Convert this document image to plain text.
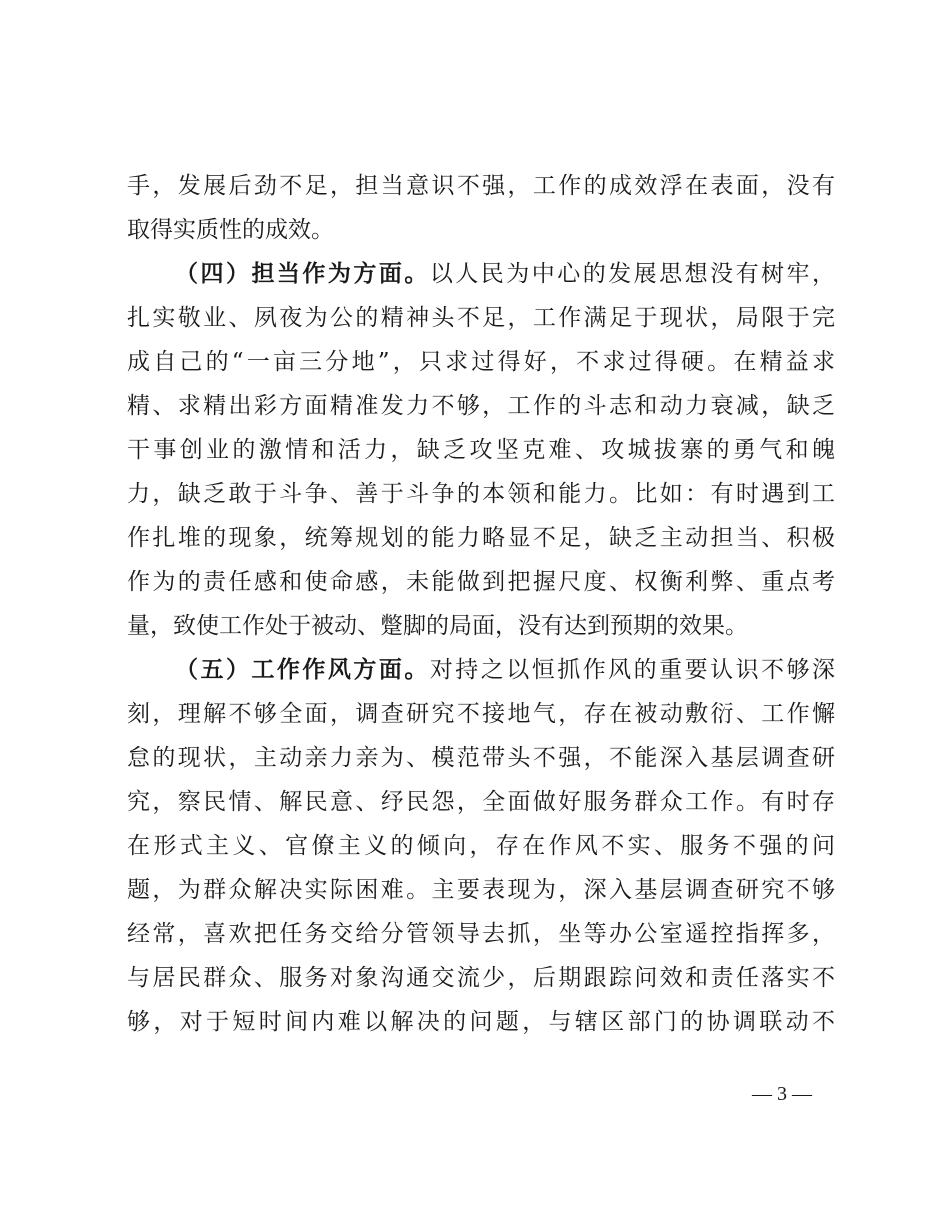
手，发展后劲不足，担当意识不强，工作的成效浮在表面，没有
取得实质性的成效。
（四）担当作为方面。以人民为中心的发展思想没有树牢，
扎实敬业、夙夜为公的精神头不足，工作满足于现状，局限于完
成自己的“一亩三分地”，只求过得好，不求过得硬。在精益求
精、求精出彩方面精准发力不够，工作的斗志和动力衰减，缺乏
干事创业的激情和活力，缺乏攻坚克难、攻城拔寨的勇气和魄
力，缺乏敢于斗争、善于斗争的本领和能力。比如：有时遇到工
作扎堆的现象，统筹规划的能力略显不足，缺乏主动担当、积极
作为的责任感和使命感，未能做到把握尺度、权衡利弊、重点考
量，致使工作处于被动、蹩脚的局面，没有达到预期的效果。
（五）工作作风方面。对持之以恒抓作风的重要认识不够深
刻，理解不够全面，调查研究不接地气，存在被动敷衍、工作懈
怠的现状，主动亲力亲为、模范带头不强，不能深入基层调查研
究，察民情、解民意、纾民怨，全面做好服务群众工作。有时存
在形式主义、官僚主义的倾向，存在作风不实、服务不强的问
题，为群众解决实际困难。主要表现为，深入基层调查研究不够
经常，喜欢把任务交给分管领导去抓，坐等办公室遥控指挥多，
与居民群众、服务对象沟通交流少，后期跟踪问效和责任落实不
够，对于短时间内难以解决的问题，与辖区部门的协调联动不
— 3 —
